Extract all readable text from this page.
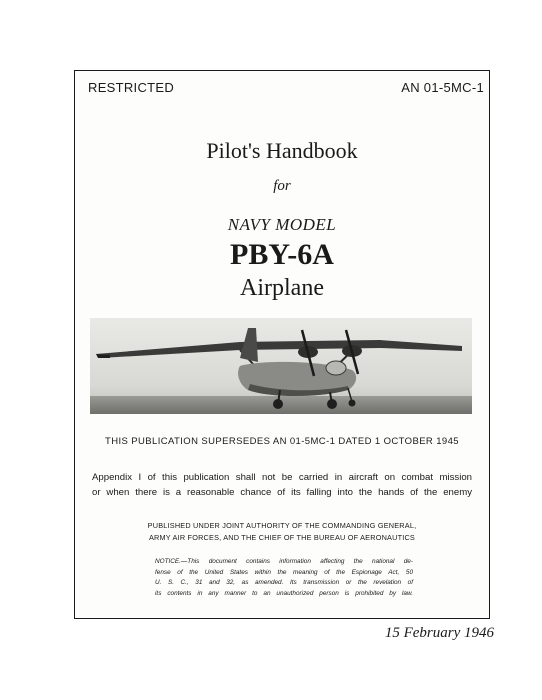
RESTRICTED	AN 01-5MC-1
Pilot's Handbook
for
NAVY MODEL
PBY-6A
Airplane
THIS PUBLICATION SUPERSEDES AN 01-5MC-1 DATED 1 OCTOBER 1945
Appendix I of this publication shall not be carried in aircraft on combat mission
or when there is a reasonable chance of its falling into the hands of the enemy
PUBLISHED UNDER JOINT AUTHORITY OF THE COMMANDING GENERAL,
ARMY AIR FORCES, AND THE CHIEF OF THE BUREAU OF AERONAUTICS
NOTICE.—This document contains information affecting the national de-
fense of the United States within the meaning of the Espionage Act, 50
U. S. C., 31 and 32, as amended. Its transmission or the revelation of
its contents in any manner to an unauthorized person is prohibited by law.
15 February 1946
